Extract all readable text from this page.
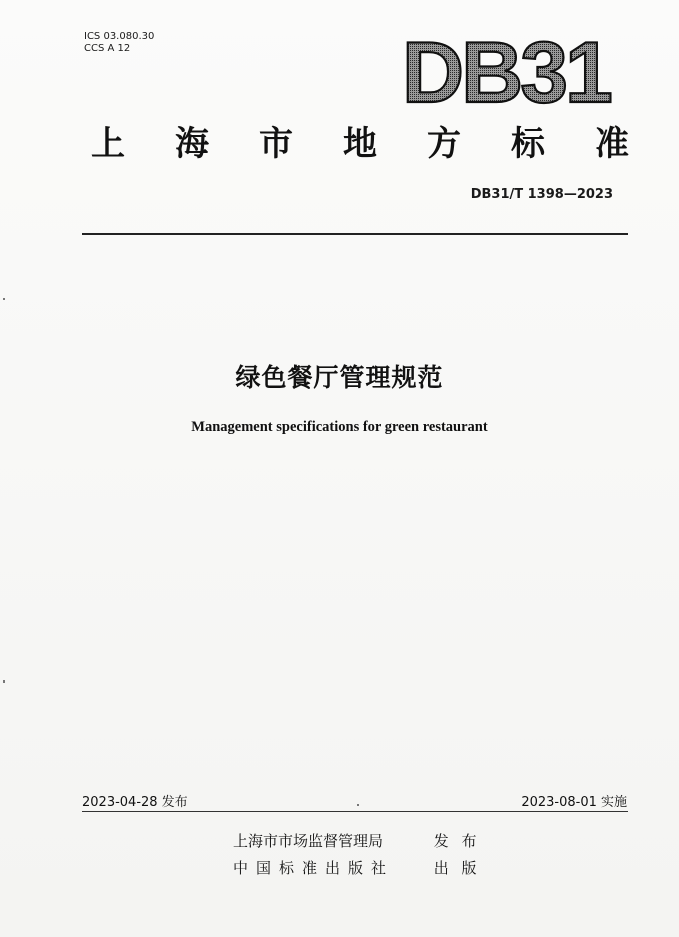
ICS 03.080.30
CCS A 12	DB31
上 海 市 地 方 标 准
DB31/T 1398—2023
绿色餐厅管理规范
Management specifications for green restaurant
2023-04-28 发布	2023-08-01 实施
上海市市场监督管理局	发 布
中国标准出版社	出 版
